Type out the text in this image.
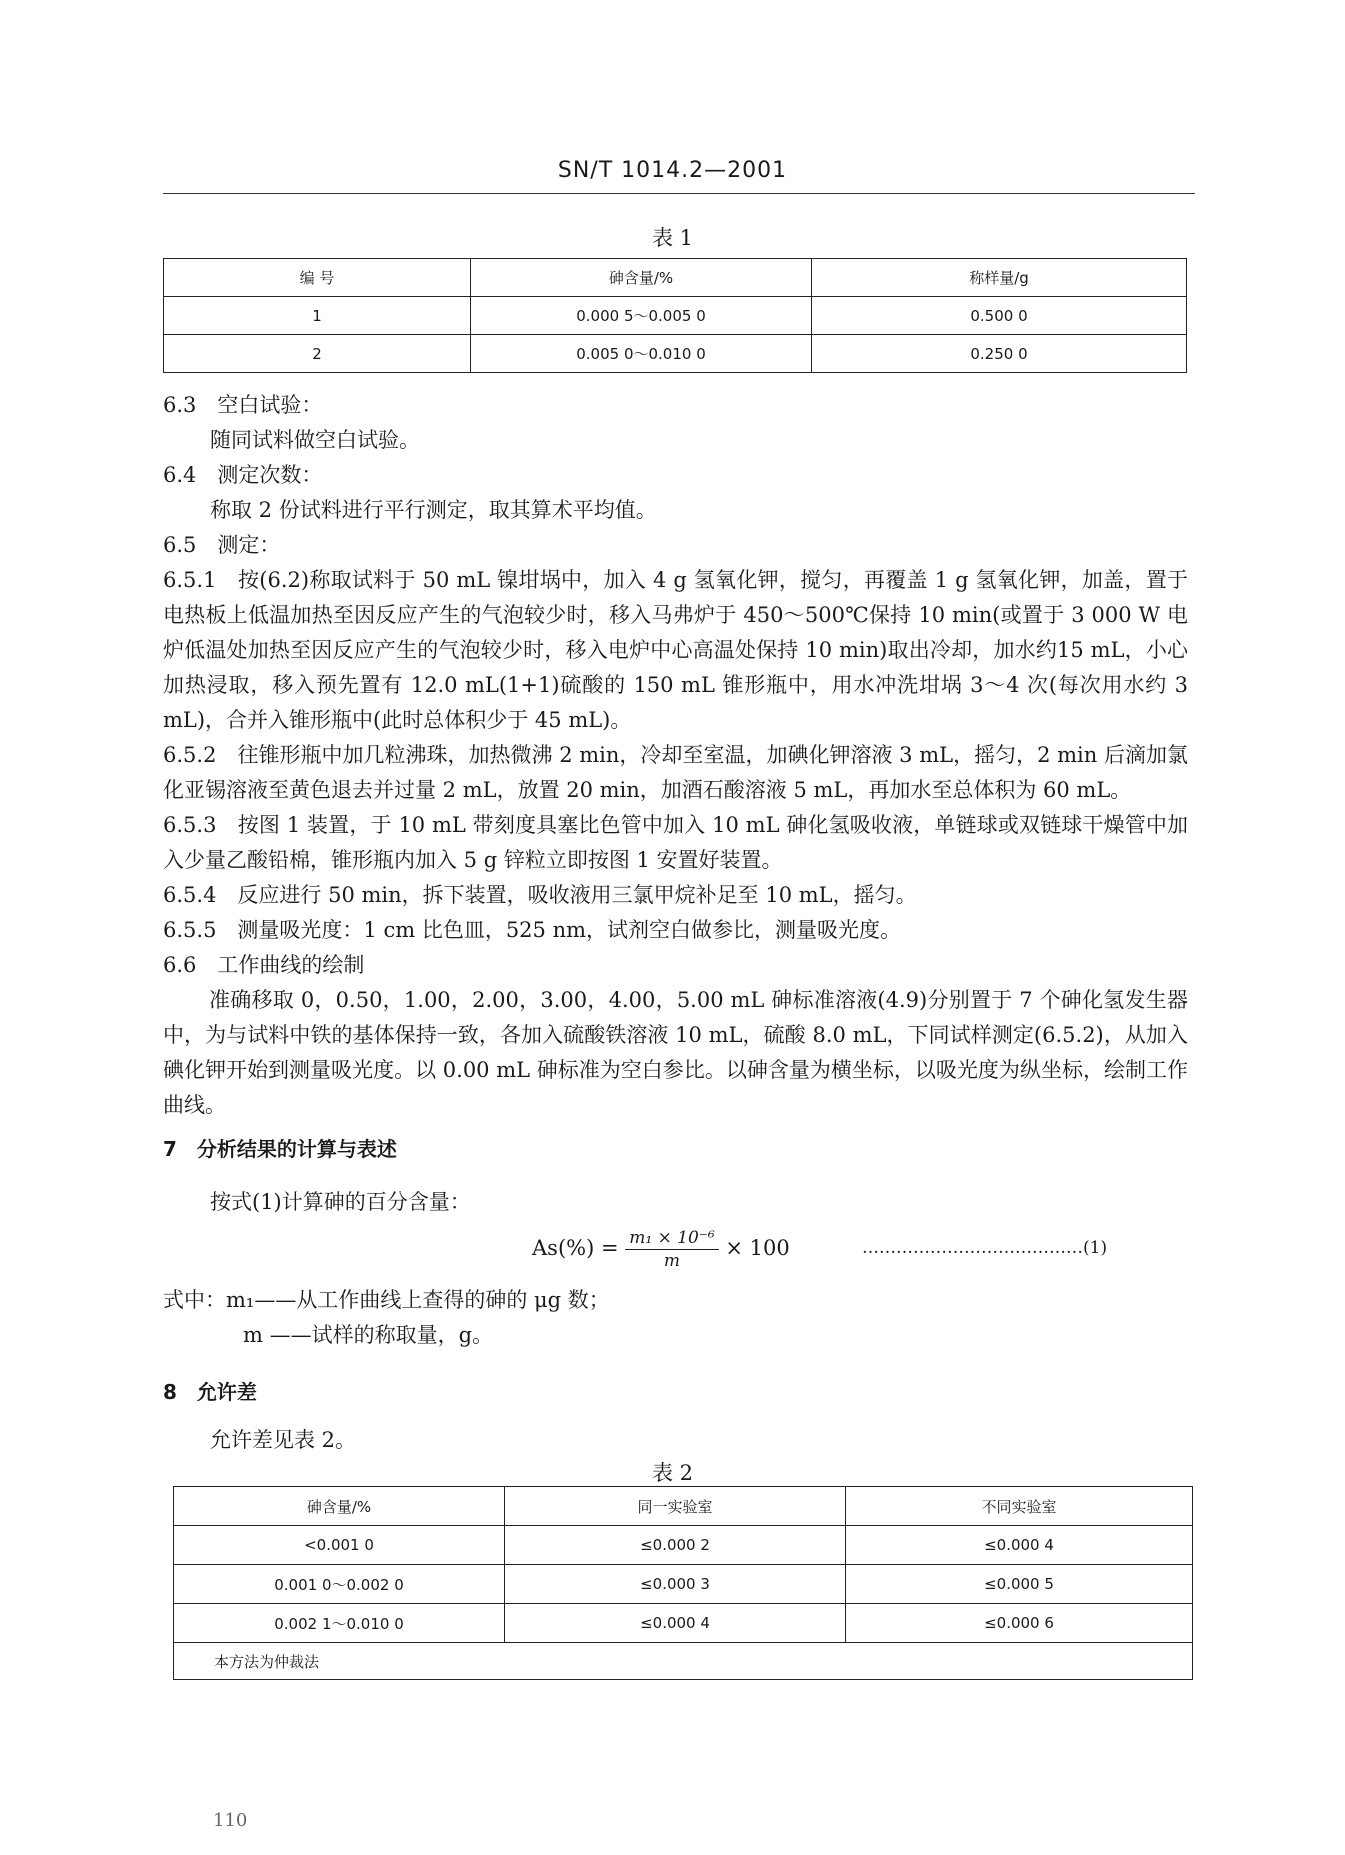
SN/T 1014.2—2001
表 1
编 号	砷含量/%	称样量/g
1	0.000 5～0.005 0	0.500 0
2	0.005 0～0.010 0	0.250 0
6.3　空白试验：
随同试料做空白试验。
6.4　测定次数：
称取 2 份试料进行平行测定，取其算术平均值。
6.5　测定：
6.5.1　按(6.2)称取试料于 50 mL 镍坩埚中，加入 4 g 氢氧化钾，搅匀，再覆盖 1 g 氢氧化钾，加盖，置于电热板上低温加热至因反应产生的气泡较少时，移入马弗炉于 450～500℃保持 10 min(或置于 3 000 W 电炉低温处加热至因反应产生的气泡较少时，移入电炉中心高温处保持 10 min)取出冷却，加水约15 mL，小心加热浸取，移入预先置有 12.0 mL(1+1)硫酸的 150 mL 锥形瓶中，用水冲洗坩埚 3～4 次(每次用水约 3 mL)，合并入锥形瓶中(此时总体积少于 45 mL)。
6.5.2　往锥形瓶中加几粒沸珠，加热微沸 2 min，冷却至室温，加碘化钾溶液 3 mL，摇匀，2 min 后滴加氯化亚锡溶液至黄色退去并过量 2 mL，放置 20 min，加酒石酸溶液 5 mL，再加水至总体积为 60 mL。
6.5.3　按图 1 装置，于 10 mL 带刻度具塞比色管中加入 10 mL 砷化氢吸收液，单链球或双链球干燥管中加入少量乙酸铅棉，锥形瓶内加入 5 g 锌粒立即按图 1 安置好装置。
6.5.4　反应进行 50 min，拆下装置，吸收液用三氯甲烷补足至 10 mL，摇匀。
6.5.5　测量吸光度：1 cm 比色皿，525 nm，试剂空白做参比，测量吸光度。
6.6　工作曲线的绘制
准确移取 0，0.50，1.00，2.00，3.00，4.00，5.00 mL 砷标准溶液(4.9)分别置于 7 个砷化氢发生器中，为与试料中铁的基体保持一致，各加入硫酸铁溶液 10 mL，硫酸 8.0 mL，下同试样测定(6.5.2)，从加入碘化钾开始到测量吸光度。以 0.00 mL 砷标准为空白参比。以砷含量为横坐标，以吸光度为纵坐标，绘制工作曲线。
7　分析结果的计算与表述
按式(1)计算砷的百分含量：
$As(\%) = \frac{\text{m₁ × 10⁻⁶}}{m} \times 100$	…………………………………(1)
式中：m₁——从工作曲线上查得的砷的 μg 数；
m ——试样的称取量，g。
8　允许差
允许差见表 2。
表 2
砷含量/%	同一实验室	不同实验室
<0.001 0	≤0.000 2	≤0.000 4
0.001 0～0.002 0	≤0.000 3	≤0.000 5
0.002 1～0.010 0	≤0.000 4	≤0.000 6
本方法为仲裁法		
110
